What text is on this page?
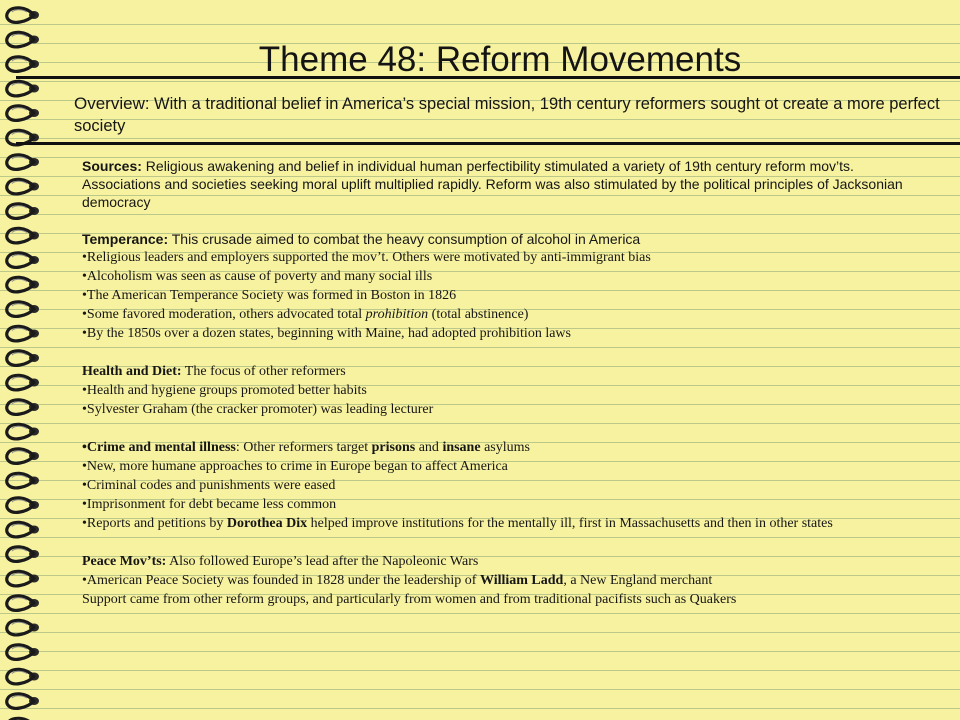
Theme 48: Reform Movements
Overview: With a traditional belief in America’s special mission, 19th century reformers sought ot create a more perfect society
Sources: Religious awakening and belief in individual human perfectibility stimulated a variety of 19th century reform mov’ts. Associations and societies seeking moral uplift multiplied rapidly. Reform was also stimulated by the political principles of Jacksonian democracy
Temperance: This crusade aimed to combat the heavy consumption of alcohol in America
•Religious leaders and employers supported the mov’t. Others were motivated by anti-immigrant bias
•Alcoholism was seen as cause of poverty and many social ills
•The American Temperance Society was formed in Boston in 1826
•Some favored moderation, others advocated total prohibition (total abstinence)
•By the 1850s over a dozen states, beginning with Maine, had adopted prohibition laws
Health and Diet: The focus of other reformers
•Health and hygiene groups promoted better habits
•Sylvester Graham (the cracker promoter) was leading lecturer
•Crime and mental illness: Other reformers target prisons and insane asylums
•New, more humane approaches to crime in Europe began to affect America
•Criminal codes and punishments were eased
•Imprisonment for debt became less common
•Reports and petitions by Dorothea Dix helped improve institutions for the mentally ill, first in Massachusetts and then in other states
Peace Mov’ts: Also followed Europe’s lead after the Napoleonic Wars
•American Peace Society was founded in 1828 under the leadership of William Ladd, a New England merchant
Support came from other reform groups, and particularly from women and from traditional pacifists such as Quakers
